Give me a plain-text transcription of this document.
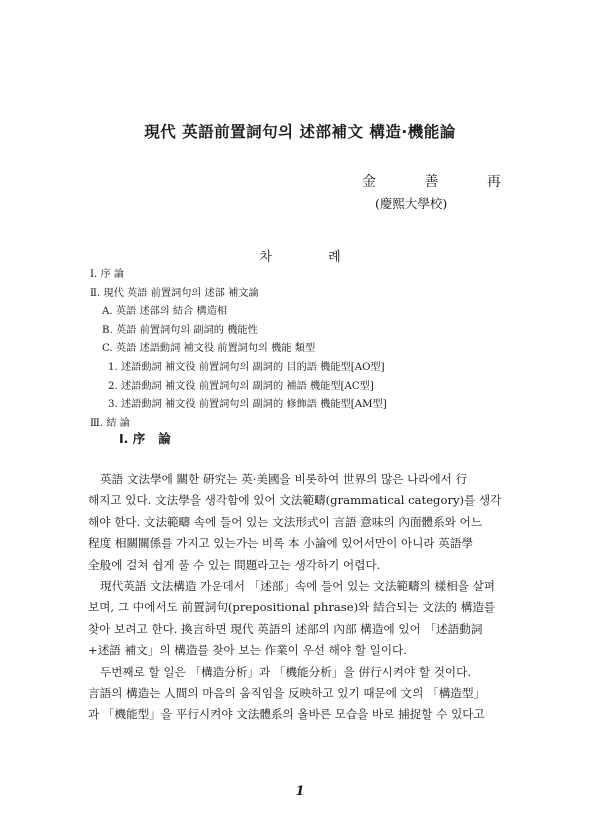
現代 英語前置詞句의 述部補文 構造·機能論

金 善 再

(慶熙大學校)

차 례

Ⅰ. 序 論
Ⅱ. 現代 英語 前置詞句의 述部 補文論
A. 英語 述部의 結合 構造相
B. 英語 前置詞句의 副詞的 機能性
C. 英語 述語動詞 補文役 前置詞句의 機能 類型
1. 述語動詞 補文役 前置詞句의 副詞的 目的語 機能型[AO型]
2. 述語動詞 補文役 前置詞句의 副詞的 補語 機能型[AC型]
3. 述語動詞 補文役 前置詞句의 副詞的 修飾語 機能型[AM型]
Ⅲ. 結 論
Ⅰ. 序   論

英語 文法學에 關한 硏究는 英·美國을 비롯하여 世界의 많은 나라에서 行
해지고 있다. 文法學을 생각함에 있어 文法範疇(grammatical category)를 생각
해야 한다. 文法範疇 속에 들어 있는 文法形式이 言語 意味의 內面體系와 어느
程度 相關關係를 가지고 있는가는 비록 本 小論에 있어서만이 아니라 英語學
全般에 걸쳐 쉽게 풀 수 있는 問題라고는 생각하기 어렵다.

現代英語 文法構造 가운데서 「述部」속에 들어 있는 文法範疇의 樣相을 살펴
보며, 그 中에서도 前置詞句(prepositional phrase)와 結合되는 文法的 構造를
찾아 보려고 한다. 換言하면 現代 英語의 述部의 內部 構造에 있어 「述語動詞
+述語 補文」의 構造를 찾아 보는 作業이 우선 해야 할 일이다.

두번째로 할 일은 「構造分析」과 「機能分析」을 倂行시켜야 할 것이다.
言語의 構造는 人間의 마음의 움직임을 反映하고 있기 때문에 文의 「構造型」
과 「機能型」을 平行시켜야 文法體系의 올바른 모습을 바로 捕捉할 수 있다고

1
